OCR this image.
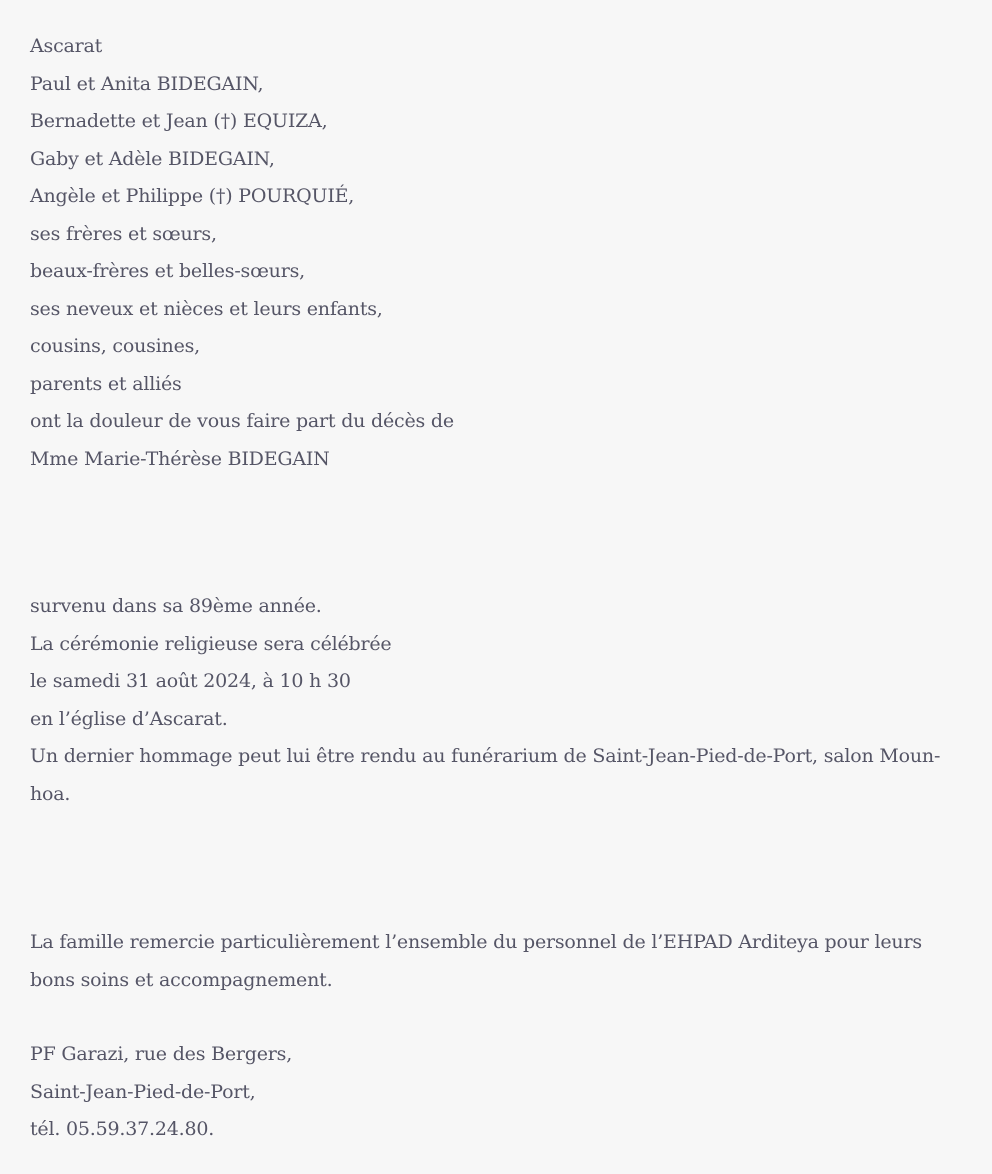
Ascarat
Paul et Anita BIDEGAIN,
Bernadette et Jean (†) EQUIZA,
Gaby et Adèle BIDEGAIN,
Angèle et Philippe (†) POURQUIÉ,
ses frères et sœurs,
beaux-frères et belles-sœurs,
ses neveux et nièces et leurs enfants,
cousins, cousines,
parents et alliés
ont la douleur de vous faire part du décès de
Mme Marie-Thérèse BIDEGAIN
survenu dans sa 89ème année.
La cérémonie religieuse sera célébrée
le samedi 31 août 2024, à 10 h 30
en l’église d’Ascarat.
Un dernier hommage peut lui être rendu au funérarium de Saint-Jean-Pied-de-Port, salon Moun-hoa.
La famille remercie particulièrement l’ensemble du personnel de l’EHPAD Arditeya pour leurs bons soins et accompagnement.
PF Garazi, rue des Bergers,
Saint-Jean-Pied-de-Port,
tél. 05.59.37.24.80.
